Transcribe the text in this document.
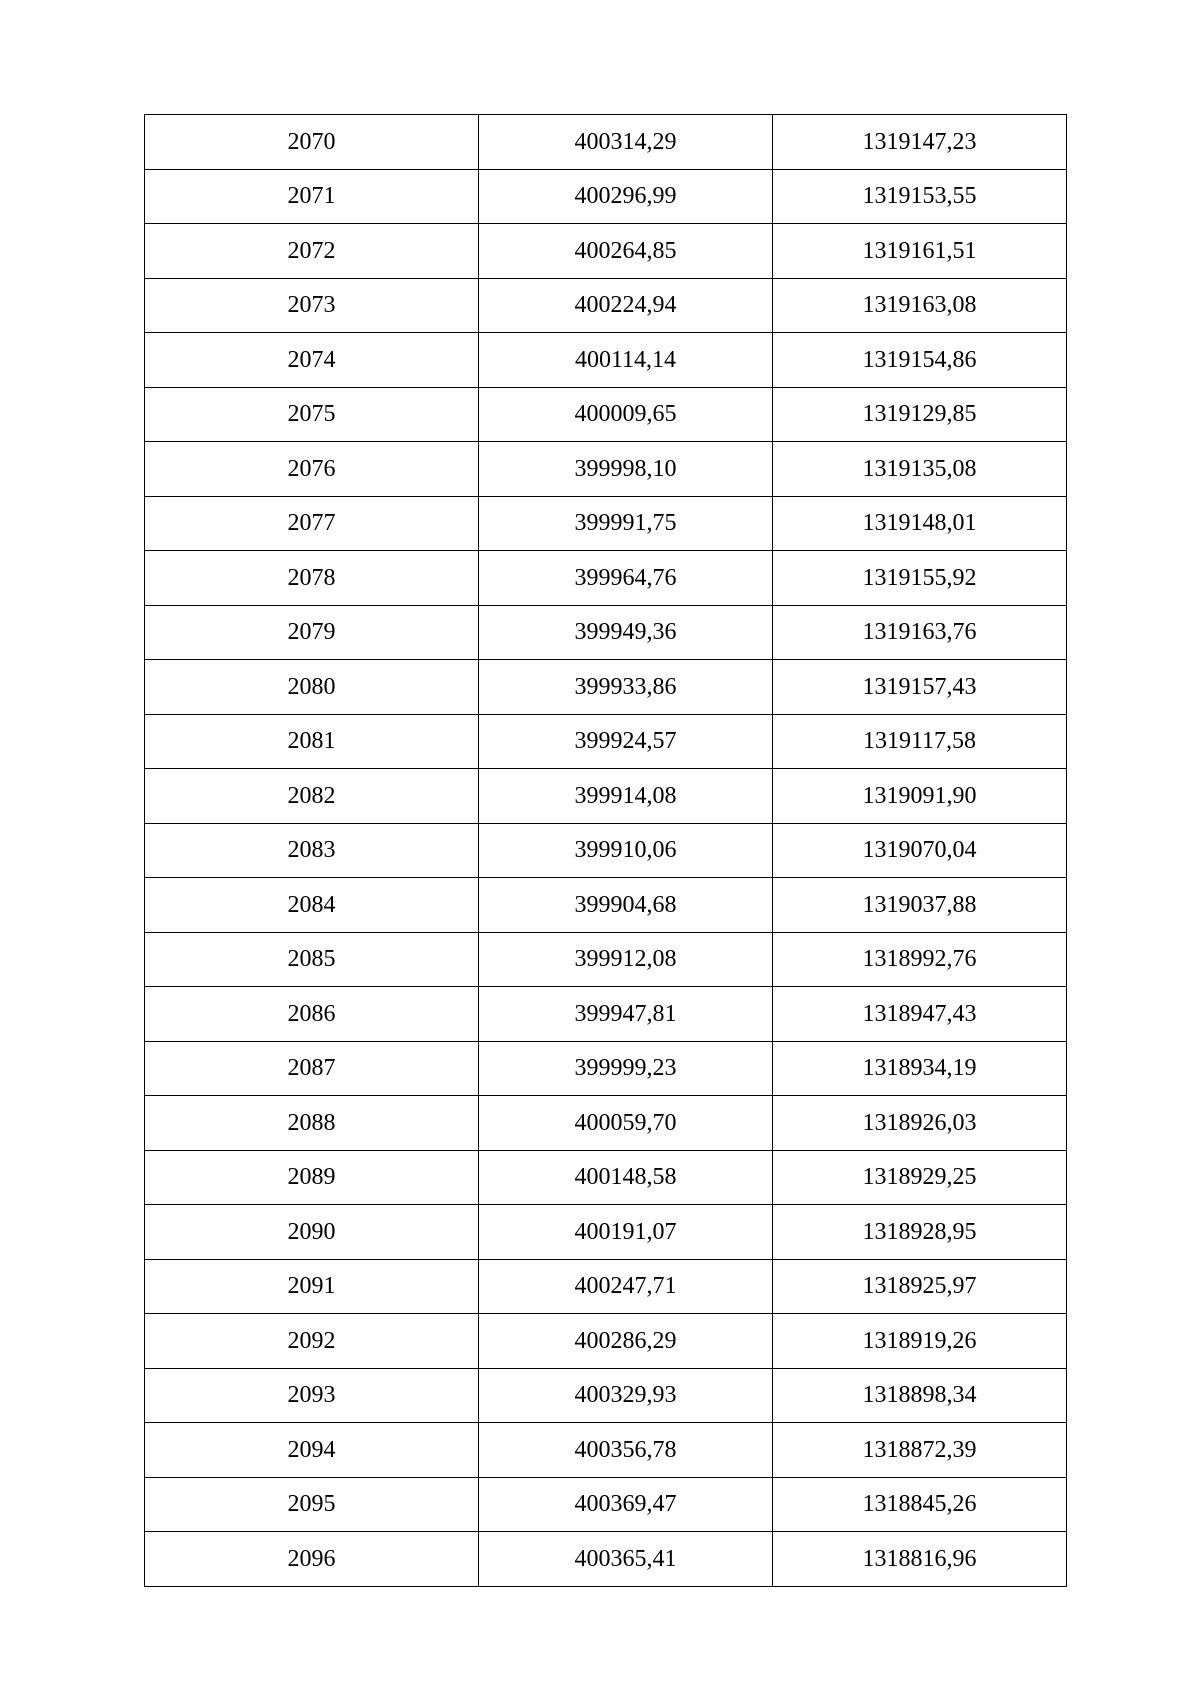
2070	400314,29	1319147,23
2071	400296,99	1319153,55
2072	400264,85	1319161,51
2073	400224,94	1319163,08
2074	400114,14	1319154,86
2075	400009,65	1319129,85
2076	399998,10	1319135,08
2077	399991,75	1319148,01
2078	399964,76	1319155,92
2079	399949,36	1319163,76
2080	399933,86	1319157,43
2081	399924,57	1319117,58
2082	399914,08	1319091,90
2083	399910,06	1319070,04
2084	399904,68	1319037,88
2085	399912,08	1318992,76
2086	399947,81	1318947,43
2087	399999,23	1318934,19
2088	400059,70	1318926,03
2089	400148,58	1318929,25
2090	400191,07	1318928,95
2091	400247,71	1318925,97
2092	400286,29	1318919,26
2093	400329,93	1318898,34
2094	400356,78	1318872,39
2095	400369,47	1318845,26
2096	400365,41	1318816,96
